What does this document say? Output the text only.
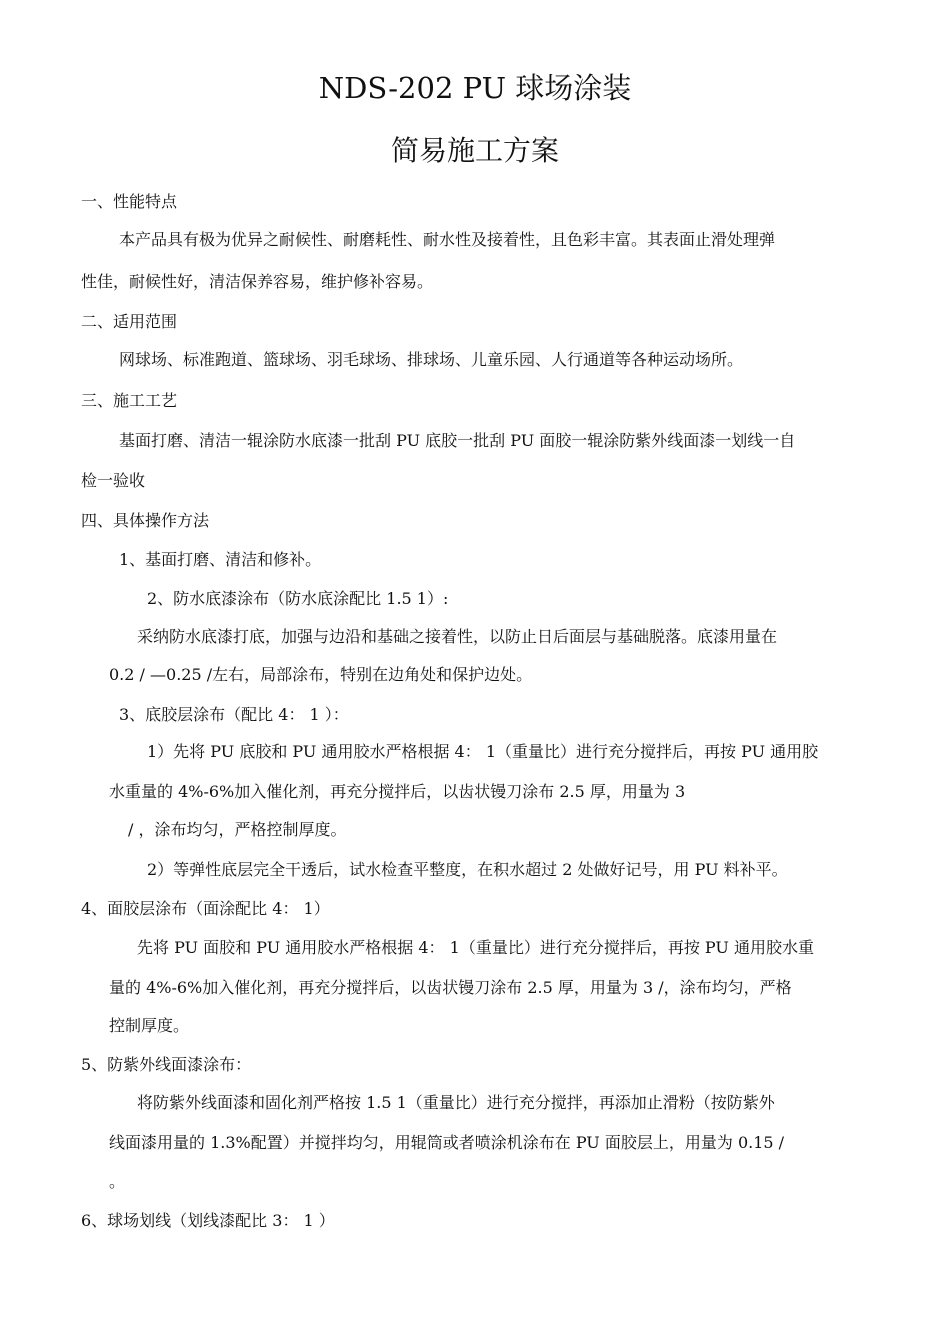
NDS-202 PU 球场涂装
简易施工方案
一、性能特点
本产品具有极为优异之耐候性、耐磨耗性、耐水性及接着性，且色彩丰富。其表面止滑处理弹
性佳，耐候性好，清洁保养容易，维护修补容易。
二、适用范围
网球场、标准跑道、篮球场、羽毛球场、排球场、儿童乐园、人行通道等各种运动场所。
三、施工工艺
基面打磨、清洁一辊涂防水底漆一批刮 PU 底胶一批刮 PU 面胶一辊涂防紫外线面漆一划线一自
检一验收
四、具体操作方法
1、基面打磨、清洁和修补。
2、防水底漆涂布（防水底涂配比 1.5 1）:
采纳防水底漆打底，加强与边沿和基础之接着性，以防止日后面层与基础脱落。底漆用量在
0.2 / —0.25 /左右，局部涂布，特别在边角处和保护边处。
3、底胶层涂布（配比 4： 1 ）：
1）先将 PU 底胶和 PU 通用胶水严格根据 4： 1（重量比）进行充分搅拌后，再按 PU 通用胶
水重量的 4%-6%加入催化剂，再充分搅拌后，以齿状镘刀涂布 2.5 厚，用量为 3
/ ，涂布均匀，严格控制厚度。
2）等弹性底层完全干透后，试水检查平整度，在积水超过 2 处做好记号，用 PU 料补平。
4、面胶层涂布（面涂配比 4： 1）
先将 PU 面胶和 PU 通用胶水严格根据 4： 1（重量比）进行充分搅拌后，再按 PU 通用胶水重
量的 4%-6%加入催化剂，再充分搅拌后，以齿状镘刀涂布 2.5 厚，用量为 3 /，涂布均匀，严格
控制厚度。
5、防紫外线面漆涂布：
将防紫外线面漆和固化剂严格按 1.5 1（重量比）进行充分搅拌，再添加止滑粉（按防紫外
线面漆用量的 1.3%配置）并搅拌均匀，用辊筒或者喷涂机涂布在 PU 面胶层上，用量为 0.15 /
。
6、球场划线（划线漆配比 3： 1 ）
